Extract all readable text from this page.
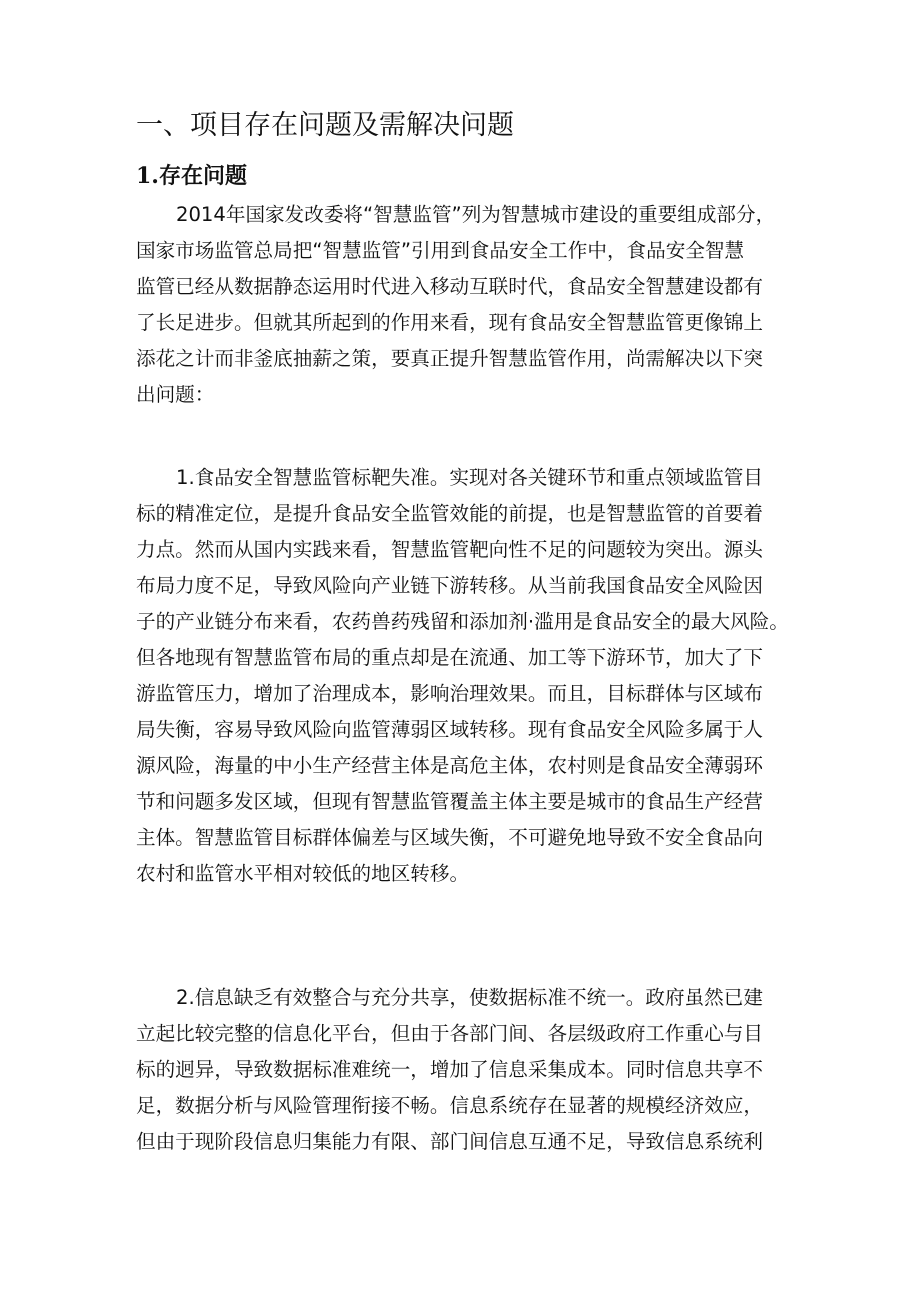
一、项目存在问题及需解决问题
1.存在问题

2014年国家发改委将“智慧监管”列为智慧城市建设的重要组成部分，
国家市场监管总局把“智慧监管”引用到食品安全工作中，食品安全智慧
监管已经从数据静态运用时代进入移动互联时代，食品安全智慧建设都有
了长足进步。但就其所起到的作用来看，现有食品安全智慧监管更像锦上
添花之计而非釜底抽薪之策，要真正提升智慧监管作用，尚需解决以下突
出问题：

1.食品安全智慧监管标靶失准。实现对各关键环节和重点领域监管目
标的精准定位，是提升食品安全监管效能的前提，也是智慧监管的首要着
力点。然而从国内实践来看，智慧监管靶向性不足的问题较为突出。源头
布局力度不足，导致风险向产业链下游转移。从当前我国食品安全风险因
子的产业链分布来看，农药兽药残留和添加剂·滥用是食品安全的最大风险。
但各地现有智慧监管布局的重点却是在流通、加工等下游环节，加大了下
游监管压力，增加了治理成本，影响治理效果。而且，目标群体与区域布
局失衡，容易导致风险向监管薄弱区域转移。现有食品安全风险多属于人
源风险，海量的中小生产经营主体是高危主体，农村则是食品安全薄弱环
节和问题多发区域，但现有智慧监管覆盖主体主要是城市的食品生产经营
主体。智慧监管目标群体偏差与区域失衡，不可避免地导致不安全食品向
农村和监管水平相对较低的地区转移。

2.信息缺乏有效整合与充分共享，使数据标准不统一。政府虽然已建
立起比较完整的信息化平台，但由于各部门间、各层级政府工作重心与目
标的迥异，导致数据标准难统一，增加了信息采集成本。同时信息共享不
足，数据分析与风险管理衔接不畅。信息系统存在显著的规模经济效应，
但由于现阶段信息归集能力有限、部门间信息互通不足，导致信息系统利
